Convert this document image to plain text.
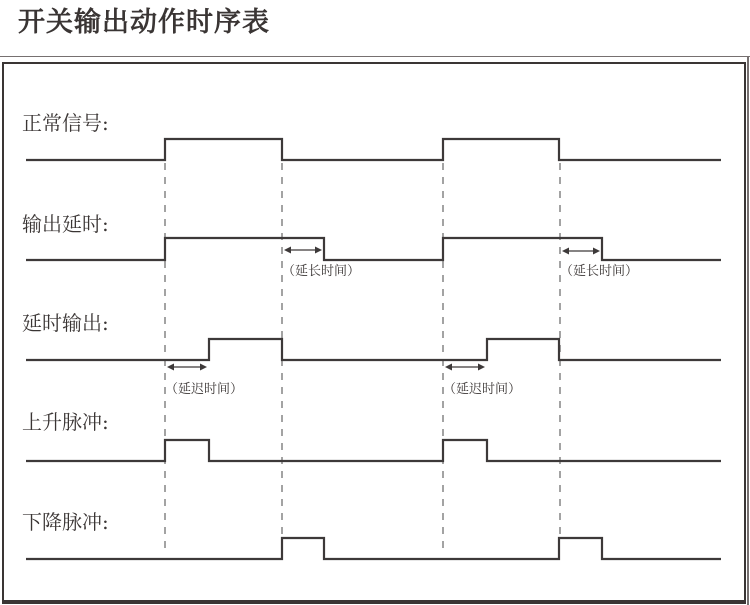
开关输出动作时序表
正常信号:
输出延时:
延时输出:
上升脉冲:
下降脉冲:
（延长时间）	（延长时间）
（延迟时间）	（延迟时间）
